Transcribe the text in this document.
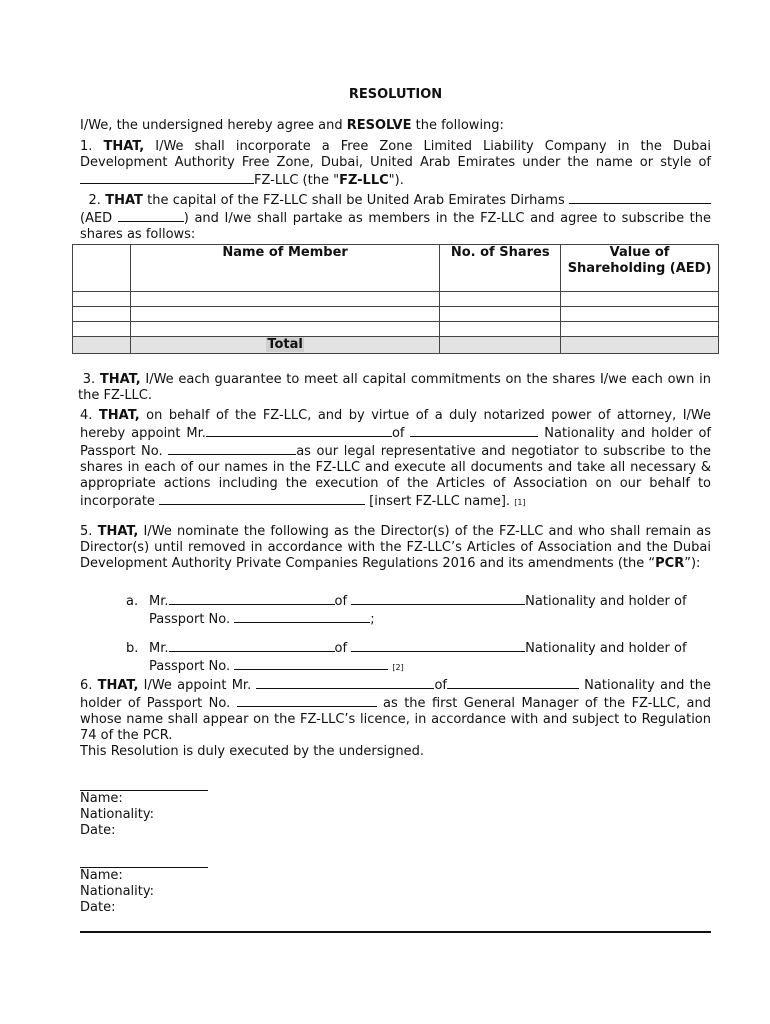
RESOLUTION

I/We, the undersigned hereby agree and RESOLVE the following:

1. THAT, I/We shall incorporate a Free Zone Limited Liability Company in the Dubai Development Authority Free Zone, Dubai, United Arab Emirates under the name or style of FZ-LLC (the "FZ-LLC").

2. THAT the capital of the FZ-LLC shall be United Arab Emirates Dirhams (AED	) and I/we shall partake as members in the FZ-LLC and agree to subscribe the shares as follows:

	Name of Member	No. of Shares	Value of Shareholding (AED)

	Total		

3. THAT, I/We each guarantee to meet all capital commitments on the shares I/we each own in the FZ-LLC.

4. THAT, on behalf of the FZ-LLC, and by virtue of a duly notarized power of attorney, I/We hereby appoint Mr.	of	Nationality and holder of Passport No.	as our legal representative and negotiator to subscribe to the shares in each of our names in the FZ-LLC and execute all documents and take all necessary & appropriate actions including the execution of the Articles of Association on our behalf to incorporate	[insert FZ-LLC name]. [1]

5. THAT, I/We nominate the following as the Director(s) of the FZ-LLC and who shall remain as Director(s) until removed in accordance with the FZ-LLC’s Articles of Association and the Dubai Development Authority Private Companies Regulations 2016 and its amendments (the “PCR”):

a. Mr.	of	Nationality and holder of

Passport No.	;

b. Mr.	of	Nationality and holder of

Passport No.	[2]

6. THAT, I/We appoint Mr.	of	Nationality and the holder of Passport No.	as the first General Manager of the FZ-LLC, and whose name shall appear on the FZ-LLC’s licence, in accordance with and subject to Regulation 74 of the PCR.

This Resolution is duly executed by the undersigned.

Name:

Nationality:

Date:

Name:

Nationality:

Date:
